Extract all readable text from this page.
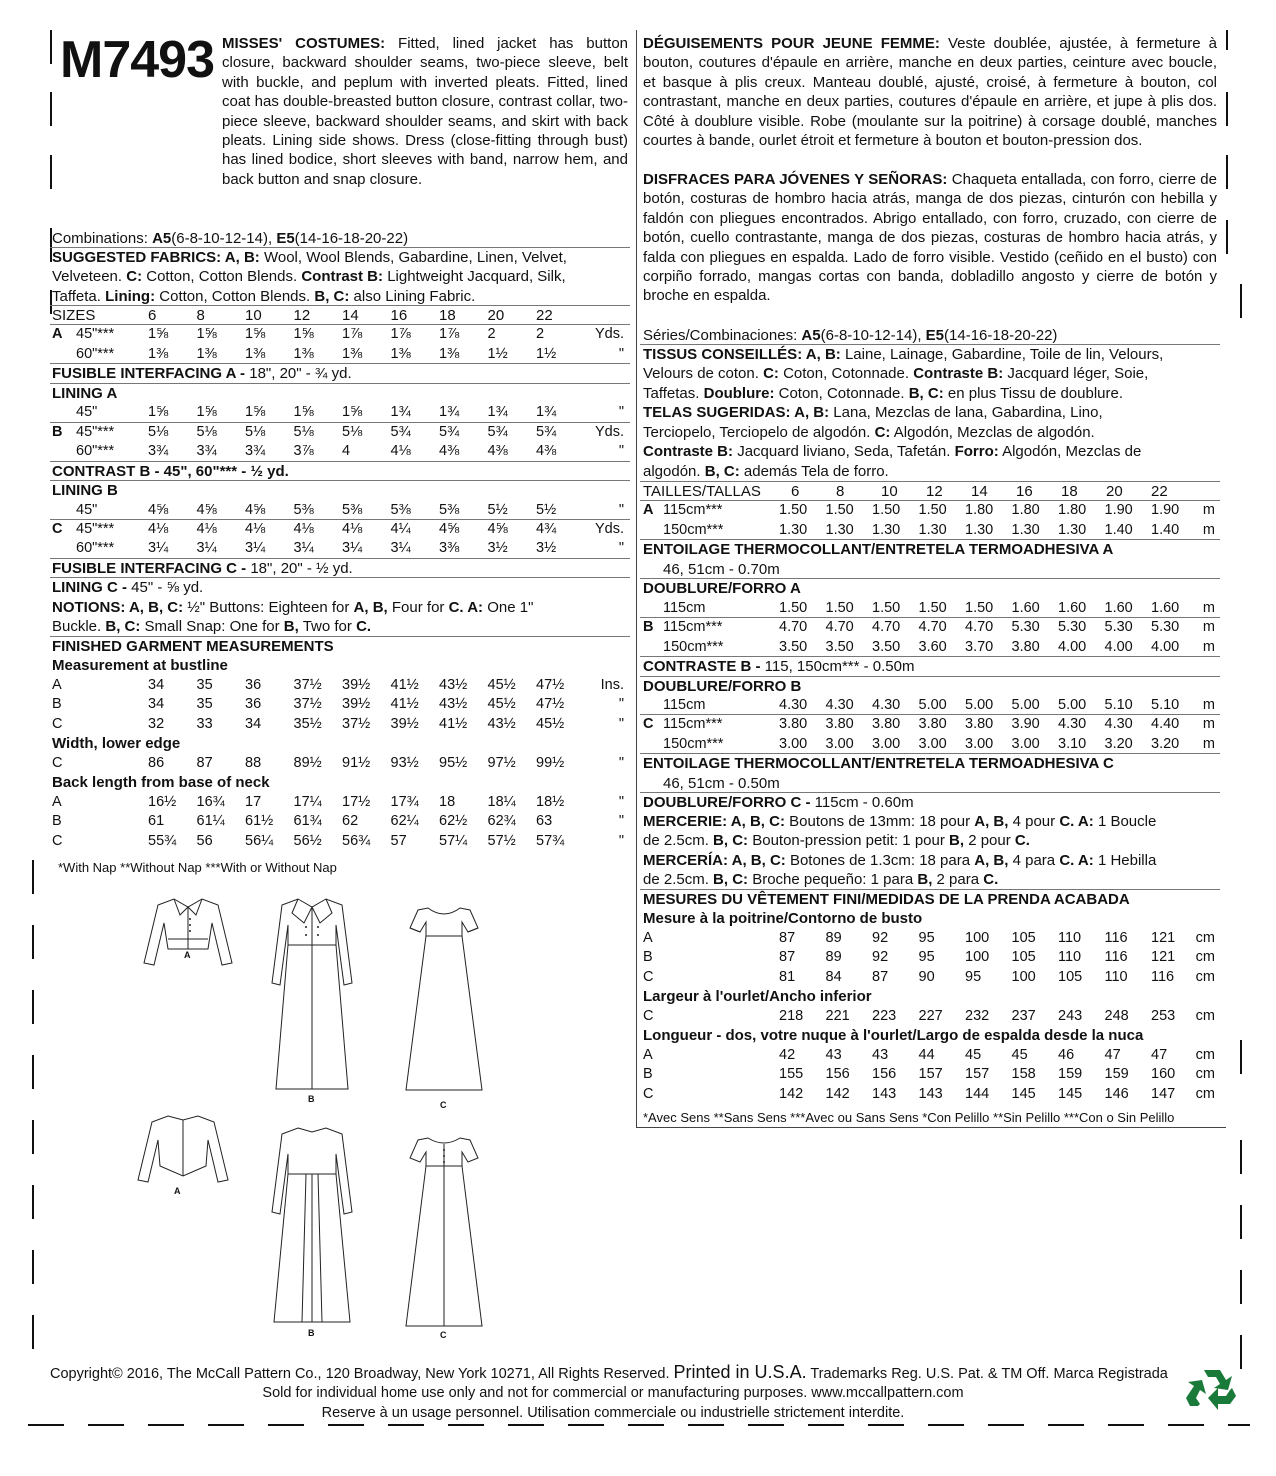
M7493 MISSES' COSTUMES: Fitted, lined jacket has button closure, backward shoulder seams, two-piece sleeve, belt with buckle, and peplum with inverted pleats. Fitted, lined coat has double-breasted button closure, contrast collar, two-piece sleeve, backward shoulder seams, and skirt with back pleats. Lining side shows. Dress (close-fitting through bust) has lined bodice, short sleeves with band, narrow hem, and back button and snap closure.
Combinations: A5(6-8-10-12-14), E5(14-16-18-20-22)
SUGGESTED FABRICS: A, B: Wool, Wool Blends, Gabardine, Linen, Velvet,
Velveteen. C: Cotton, Cotton Blends. Contrast B: Lightweight Jacquard, Silk,
Taffeta. Lining: Cotton, Cotton Blends. B, C: also Lining Fabric.
SIZES	6	8	10	12	14	16	18	20	22
A 45"*** 1⅝	1⅝	1⅝	1⅝	1⅞	1⅞	1⅞	2	2	Yds.
60"*** 1⅜	1⅜	1⅜	1⅜	1⅜	1⅜	1⅜	1½	1½	"
FUSIBLE INTERFACING A - 18", 20" - ¾ yd.
LINING A
45"	1⅝	1⅝	1⅝	1⅝	1⅝	1¾	1¾	1¾	1¾	"
B 45"*** 5⅛	5⅛	5⅛	5⅛	5⅛	5¾	5¾	5¾	5¾	Yds.
60"*** 3¾	3¾	3¾	3⅞	4	4⅛	4⅜	4⅜	4⅜	"
CONTRAST B - 45", 60"*** - ½ yd.
LINING B
45"	4⅝	4⅝	4⅝	5⅜	5⅜	5⅜	5⅜	5½	5½	"
C 45"*** 4⅛	4⅛	4⅛	4⅛	4⅛	4¼	4⅝	4⅝	4¾	Yds.
60"*** 3¼	3¼	3¼	3¼	3¼	3¼	3⅜	3½	3½	"
FUSIBLE INTERFACING C - 18", 20" - ½ yd.
LINING C - 45" - ⅝ yd.
NOTIONS: A, B, C: ½" Buttons: Eighteen for A, B, Four for C. A: One 1"
Buckle. B, C: Small Snap: One for B, Two for C.
FINISHED GARMENT MEASUREMENTS
Measurement at bustline
A	34	35	36	37½	39½	41½	43½	45½	47½	Ins.
B	34	35	36	37½	39½	41½	43½	45½	47½	"
C	32	33	34	35½	37½	39½	41½	43½	45½	"
Width, lower edge
C	86	87	88	89½	91½	93½	95½	97½	99½	"
Back length from base of neck
A	16½	16¾	17	17¼	17½	17¾	18	18¼	18½	"
B	61	61¼	61½	61¾	62	62¼	62½	62¾	63	"
C	55¾	56	56¼	56½	56¾	57	57¼	57½	57¾	"
*With Nap **Without Nap ***With or Without Nap
A
B
C
A
B	C
DÉGUISEMENTS POUR JEUNE FEMME: Veste doublée, ajustée, à fermeture à bouton, coutures d'épaule en arrière, manche en deux parties, ceinture avec boucle, et basque à plis creux. Manteau doublé, ajusté, croisé, à fermeture à bouton, col contrastant, manche en deux parties, coutures d'épaule en arrière, et jupe à plis dos. Côté à doublure visible. Robe (moulante sur la poitrine) à corsage doublé, manches courtes à bande, ourlet étroit et fermeture à bouton et bouton-pression dos.
DISFRACES PARA JÓVENES Y SEÑORAS: Chaqueta entallada, con forro, cierre de botón, costuras de hombro hacia atrás, manga de dos piezas, cinturón con hebilla y faldón con pliegues encontrados. Abrigo entallado, con forro, cruzado, con cierre de botón, cuello contrastante, manga de dos piezas, costuras de hombro hacia atrás, y falda con pliegues en espalda. Lado de forro visible. Vestido (ceñido en el busto) con corpiño forrado, mangas cortas con banda, dobladillo angosto y cierre de botón y broche en espalda.
Séries/Combinaciones: A5(6-8-10-12-14), E5(14-16-18-20-22)
TISSUS CONSEILLÉS: A, B: Laine, Lainage, Gabardine, Toile de lin, Velours,
Velours de coton. C: Coton, Cotonnade. Contraste B: Jacquard léger, Soie,
Taffetas. Doublure: Coton, Cotonnade. B, C: en plus Tissu de doublure.
TELAS SUGERIDAS: A, B: Lana, Mezclas de lana, Gabardina, Lino,
Terciopelo, Terciopelo de algodón. C: Algodón, Mezclas de algodón.
Contraste B: Jacquard liviano, Seda, Tafetán. Forro: Algodón, Mezclas de
algodón. B, C: además Tela de forro.
TAILLES/TALLAS 6	8	10	12	14	16	18	20	22
A 115cm***	1.50	1.50	1.50	1.50	1.80	1.80	1.80	1.90	1.90	m
150cm***	1.30	1.30	1.30	1.30	1.30	1.30	1.30	1.40	1.40	m
ENTOILAGE THERMOCOLLANT/ENTRETELA TERMOADHESIVA A
46, 51cm - 0.70m
DOUBLURE/FORRO A
115cm	1.50	1.50	1.50	1.50	1.50	1.60	1.60	1.60	1.60	m
B 115cm***	4.70	4.70	4.70	4.70	4.70	5.30	5.30	5.30	5.30	m
150cm***	3.50	3.50	3.50	3.60	3.70	3.80	4.00	4.00	4.00	m
CONTRASTE B - 115, 150cm*** - 0.50m
DOUBLURE/FORRO B
115cm	4.30	4.30	4.30	5.00	5.00	5.00	5.00	5.10	5.10	m
C 115cm***	3.80	3.80	3.80	3.80	3.80	3.90	4.30	4.30	4.40	m
150cm***	3.00	3.00	3.00	3.00	3.00	3.00	3.10	3.20	3.20	m
ENTOILAGE THERMOCOLLANT/ENTRETELA TERMOADHESIVA C
46, 51cm - 0.50m
DOUBLURE/FORRO C - 115cm - 0.60m
MERCERIE: A, B, C: Boutons de 13mm: 18 pour A, B, 4 pour C. A: 1 Boucle
de 2.5cm. B, C: Bouton-pression petit: 1 pour B, 2 pour C.
MERCERÍA: A, B, C: Botones de 1.3cm: 18 para A, B, 4 para C. A: 1 Hebilla
de 2.5cm. B, C: Broche pequeño: 1 para B, 2 para C.
MESURES DU VÊTEMENT FINI/MEDIDAS DE LA PRENDA ACABADA
Mesure à la poitrine/Contorno de busto
A	87	89	92	95	100	105	110	116	121	cm
B	87	89	92	95	100	105	110	116	121	cm
C	81	84	87	90	95	100	105	110	116	cm
Largeur à l'ourlet/Ancho inferior
C	218	221	223	227	232	237	243	248	253	cm
Longueur - dos, votre nuque à l'ourlet/Largo de espalda desde la nuca
A	42	43	43	44	45	45	46	47	47	cm
B	155	156	156	157	157	158	159	159	160	cm
C	142	142	143	143	144	145	145	146	147	cm
*Avec Sens **Sans Sens ***Avec ou Sans Sens *Con Pelillo **Sin Pelillo ***Con o Sin Pelillo
Copyright© 2016, The McCall Pattern Co., 120 Broadway, New York 10271, All Rights Reserved. Printed in U.S.A. Trademarks Reg. U.S. Pat. & TM Off. Marca Registrada
Sold for individual home use only and not for commercial or manufacturing purposes. www.mccallpattern.com
Reserve à un usage personnel. Utilisation commerciale ou industrielle strictement interdite.
